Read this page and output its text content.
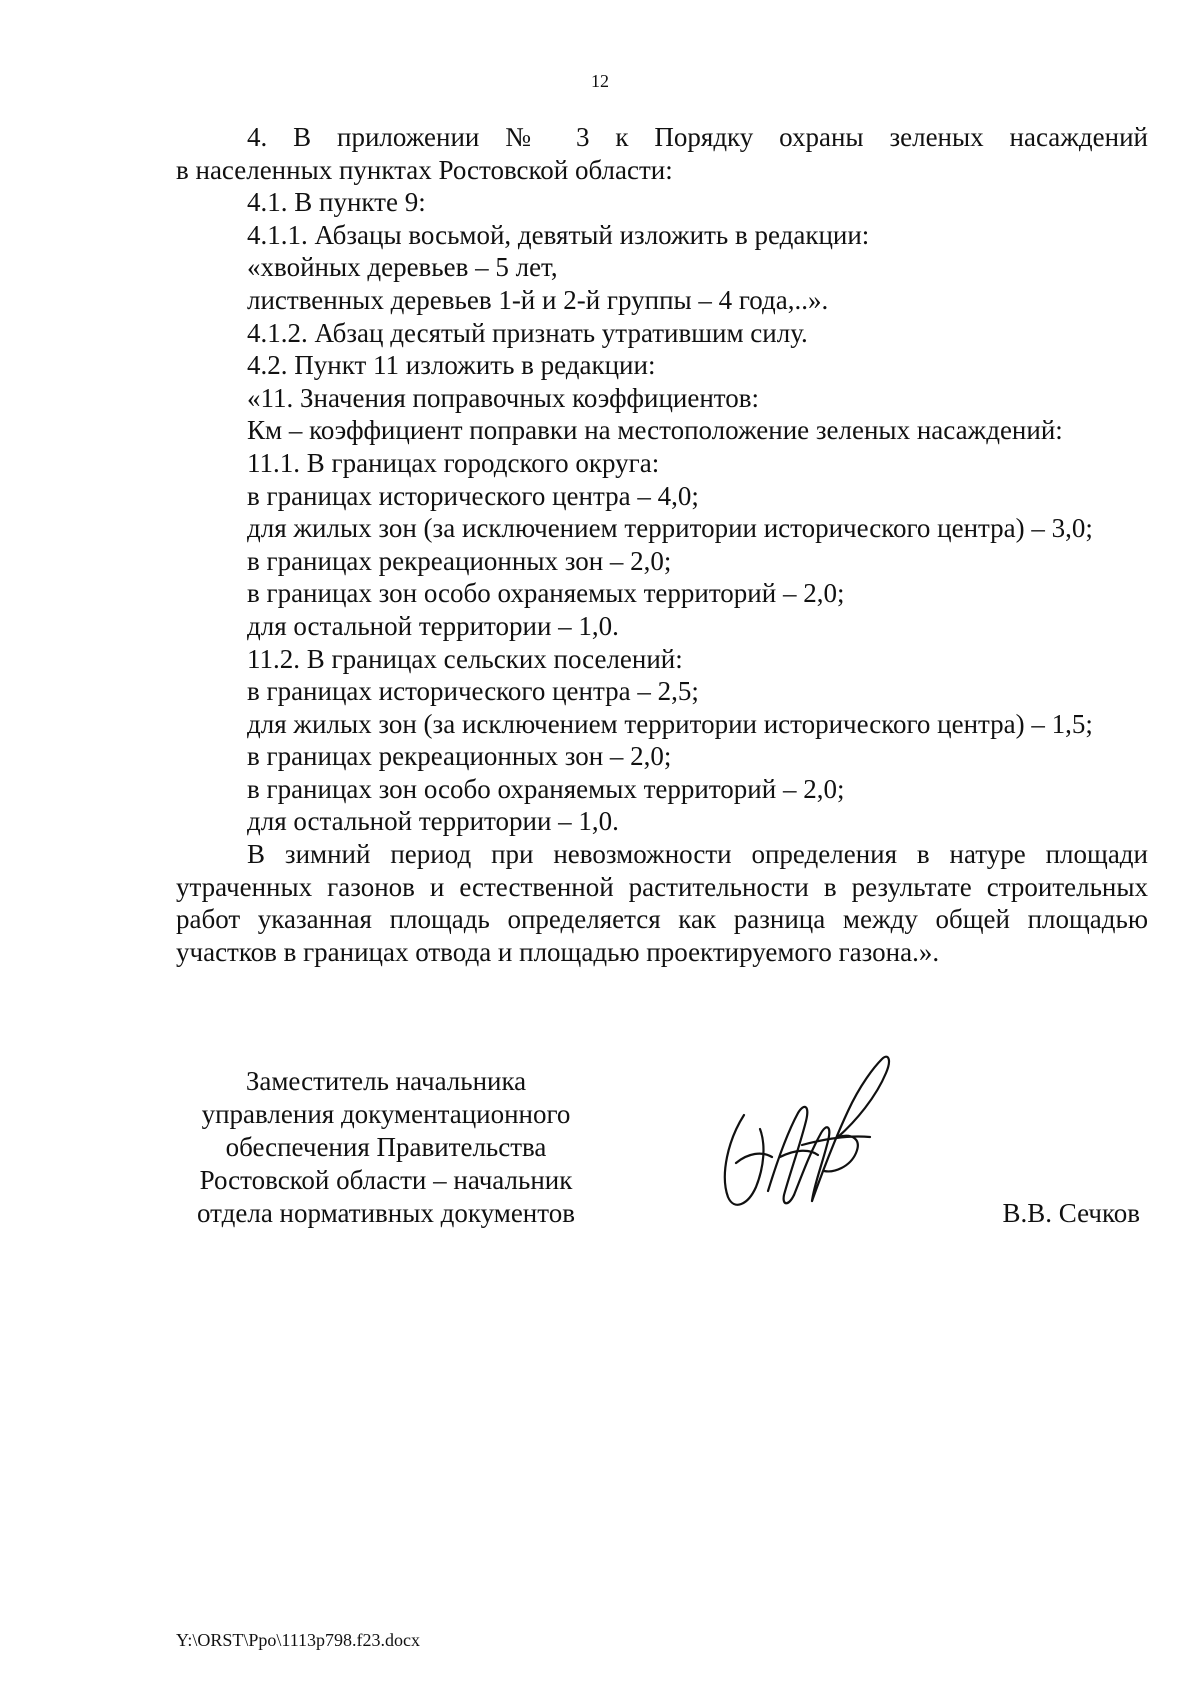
12

4. В приложении № 3 к Порядку охраны зеленых насаждений

в населенных пунктах Ростовской области:

4.1. В пункте 9:

4.1.1. Абзацы восьмой, девятый изложить в редакции:

«хвойных деревьев – 5 лет,

лиственных деревьев 1-й и 2-й группы – 4 года,..».

4.1.2. Абзац десятый признать утратившим силу.

4.2. Пункт 11 изложить в редакции:

«11. Значения поправочных коэффициентов:

Км – коэффициент поправки на местоположение зеленых насаждений:

11.1. В границах городского округа:

в границах исторического центра – 4,0;

для жилых зон (за исключением территории исторического центра) – 3,0;

в границах рекреационных зон – 2,0;

в границах зон особо охраняемых территорий – 2,0;

для остальной территории – 1,0.

11.2. В границах сельских поселений:

в границах исторического центра – 2,5;

для жилых зон (за исключением территории исторического центра) – 1,5;

в границах рекреационных зон – 2,0;

в границах зон особо охраняемых территорий – 2,0;

для остальной территории – 1,0.

В зимний период при невозможности определения в натуре площади

утраченных газонов и естественной растительности в результате строительных

работ указанная площадь определяется как разница между общей площадью

участков в границах отвода и площадью проектируемого газона.».

Заместитель начальника
управления документационного
обеспечения Правительства
Ростовской области – начальник
отдела нормативных документов	В.В. Сечков
Y:\ORST\Ppo\1113p798.f23.docx
